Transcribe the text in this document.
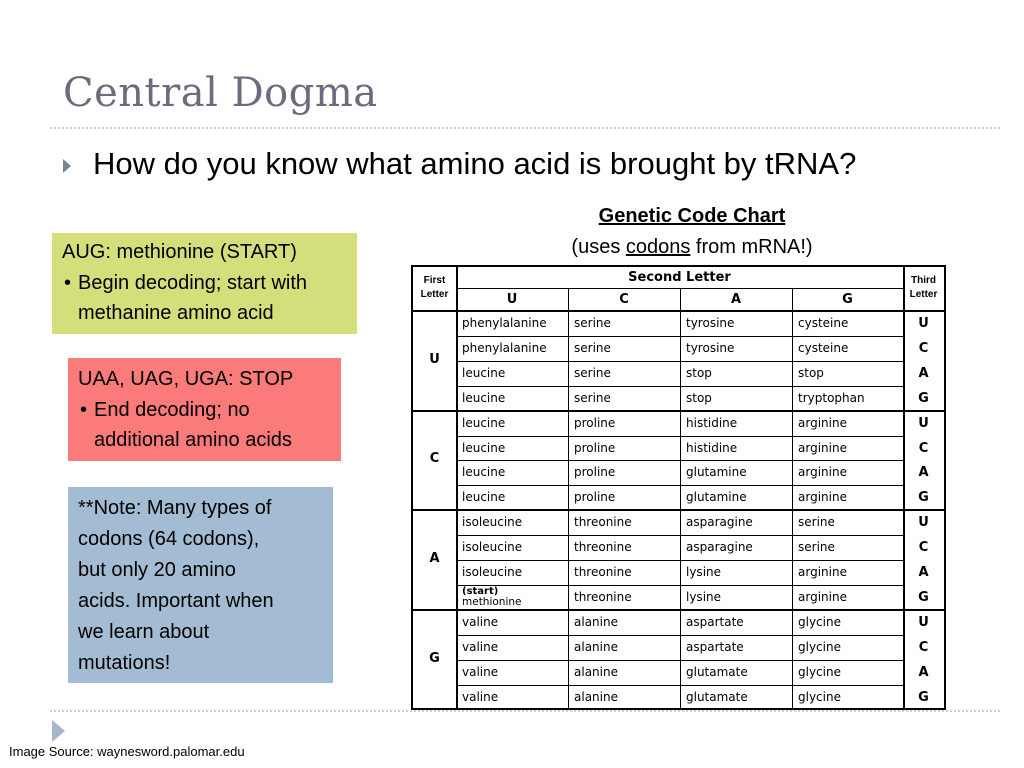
Central Dogma
How do you know what amino acid is brought by tRNA?
AUG: methionine (START)
• Begin decoding; start with
methanine amino acid
UAA, UAG, UGA: STOP
• End decoding; no
additional amino acids
**Note: Many types of
codons (64 codons),
but only 20 amino
acids. Important when
we learn about
mutations!
Genetic Code Chart
(uses codons from mRNA!)
First
Letter
Third
Letter
Second Letter
U	C	A	G
U
phenylalanine	serine	tyrosine	cysteine	U
phenylalanine	serine	tyrosine	cysteine	C
leucine	serine	stop	stop	A
leucine	serine	stop	tryptophan	G
C
leucine	proline	histidine	arginine	U
leucine	proline	histidine	arginine	C
leucine	proline	glutamine	arginine	A
leucine	proline	glutamine	arginine	G
A
isoleucine	threonine	asparagine	serine	U
isoleucine	threonine	asparagine	serine	C
isoleucine	threonine	lysine	arginine	A
(start)
methionine	threonine	lysine	arginine	G
G
valine	alanine	aspartate	glycine	U
valine	alanine	aspartate	glycine	C
valine	alanine	glutamate	glycine	A
valine	alanine	glutamate	glycine	G
Image Source: waynesword.palomar.edu
